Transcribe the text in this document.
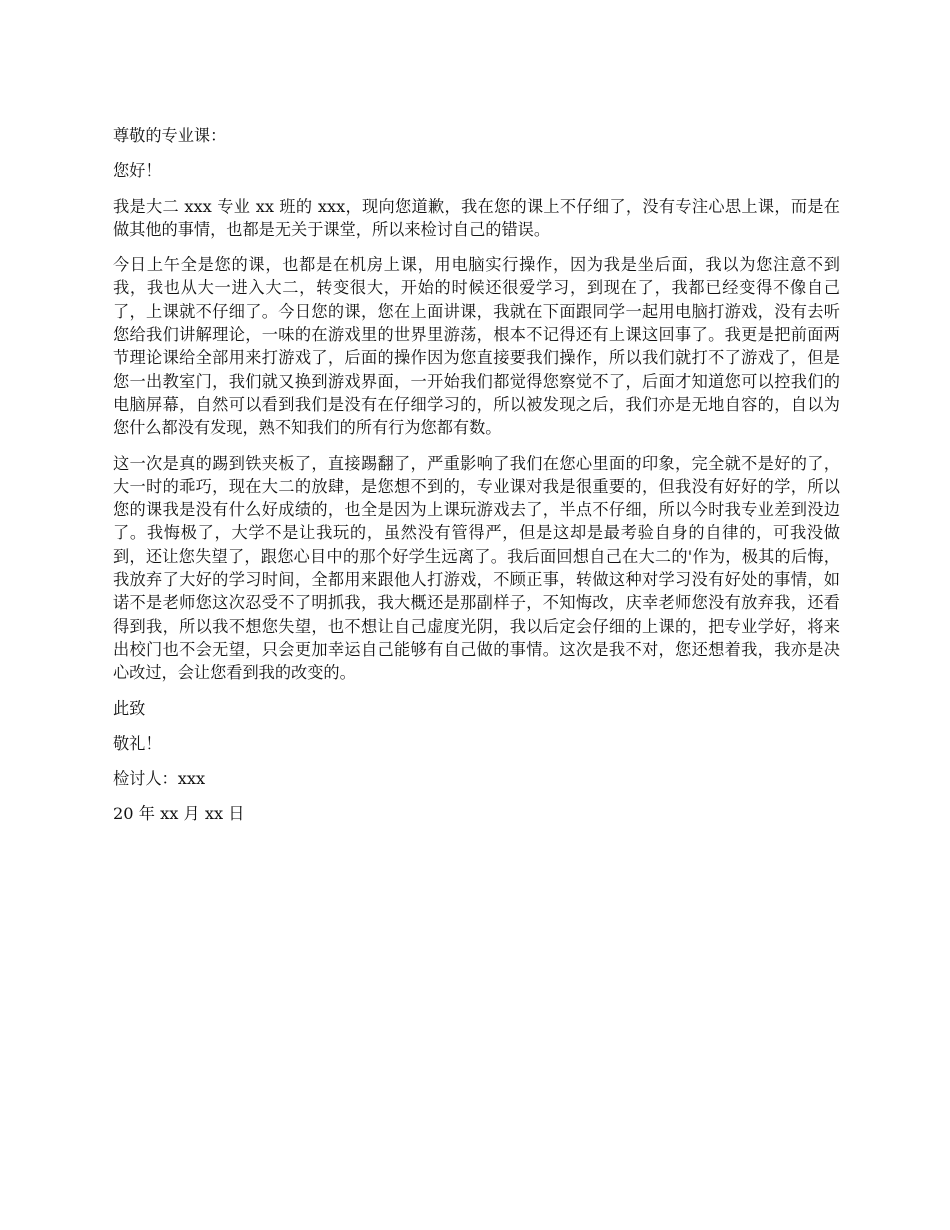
尊敬的专业课：

您好！

我是大二 xxx 专业 xx 班的 xxx，现向您道歉，我在您的课上不仔细了，没有专注心思上课，而是在做其他的事情，也都是无关于课堂，所以来检讨自己的错误。

今日上午全是您的课，也都是在机房上课，用电脑实行操作，因为我是坐后面，我以为您注意不到我，我也从大一进入大二，转变很大，开始的时候还很爱学习，到现在了，我都已经变得不像自己了，上课就不仔细了。今日您的课，您在上面讲课，我就在下面跟同学一起用电脑打游戏，没有去听您给我们讲解理论，一味的在游戏里的世界里游荡，根本不记得还有上课这回事了。我更是把前面两节理论课给全部用来打游戏了，后面的操作因为您直接要我们操作，所以我们就打不了游戏了，但是您一出教室门，我们就又换到游戏界面，一开始我们都觉得您察觉不了，后面才知道您可以控我们的电脑屏幕，自然可以看到我们是没有在仔细学习的，所以被发现之后，我们亦是无地自容的，自以为您什么都没有发现，熟不知我们的所有行为您都有数。

这一次是真的踢到铁夹板了，直接踢翻了，严重影响了我们在您心里面的印象，完全就不是好的了，大一时的乖巧，现在大二的放肆，是您想不到的，专业课对我是很重要的，但我没有好好的学，所以您的课我是没有什么好成绩的，也全是因为上课玩游戏去了，半点不仔细，所以今时我专业差到没边了。我悔极了，大学不是让我玩的，虽然没有管得严，但是这却是最考验自身的自律的，可我没做到，还让您失望了，跟您心目中的那个好学生远离了。我后面回想自己在大二的'作为，极其的后悔，我放弃了大好的学习时间，全都用来跟他人打游戏，不顾正事，转做这种对学习没有好处的事情，如诺不是老师您这次忍受不了明抓我，我大概还是那副样子，不知悔改，庆幸老师您没有放弃我，还看得到我，所以我不想您失望，也不想让自己虚度光阴，我以后定会仔细的上课的，把专业学好，将来出校门也不会无望，只会更加幸运自己能够有自己做的事情。这次是我不对，您还想着我，我亦是决心改过，会让您看到我的改变的。

此致

敬礼！

检讨人：xxx

20 年 xx 月 xx 日
